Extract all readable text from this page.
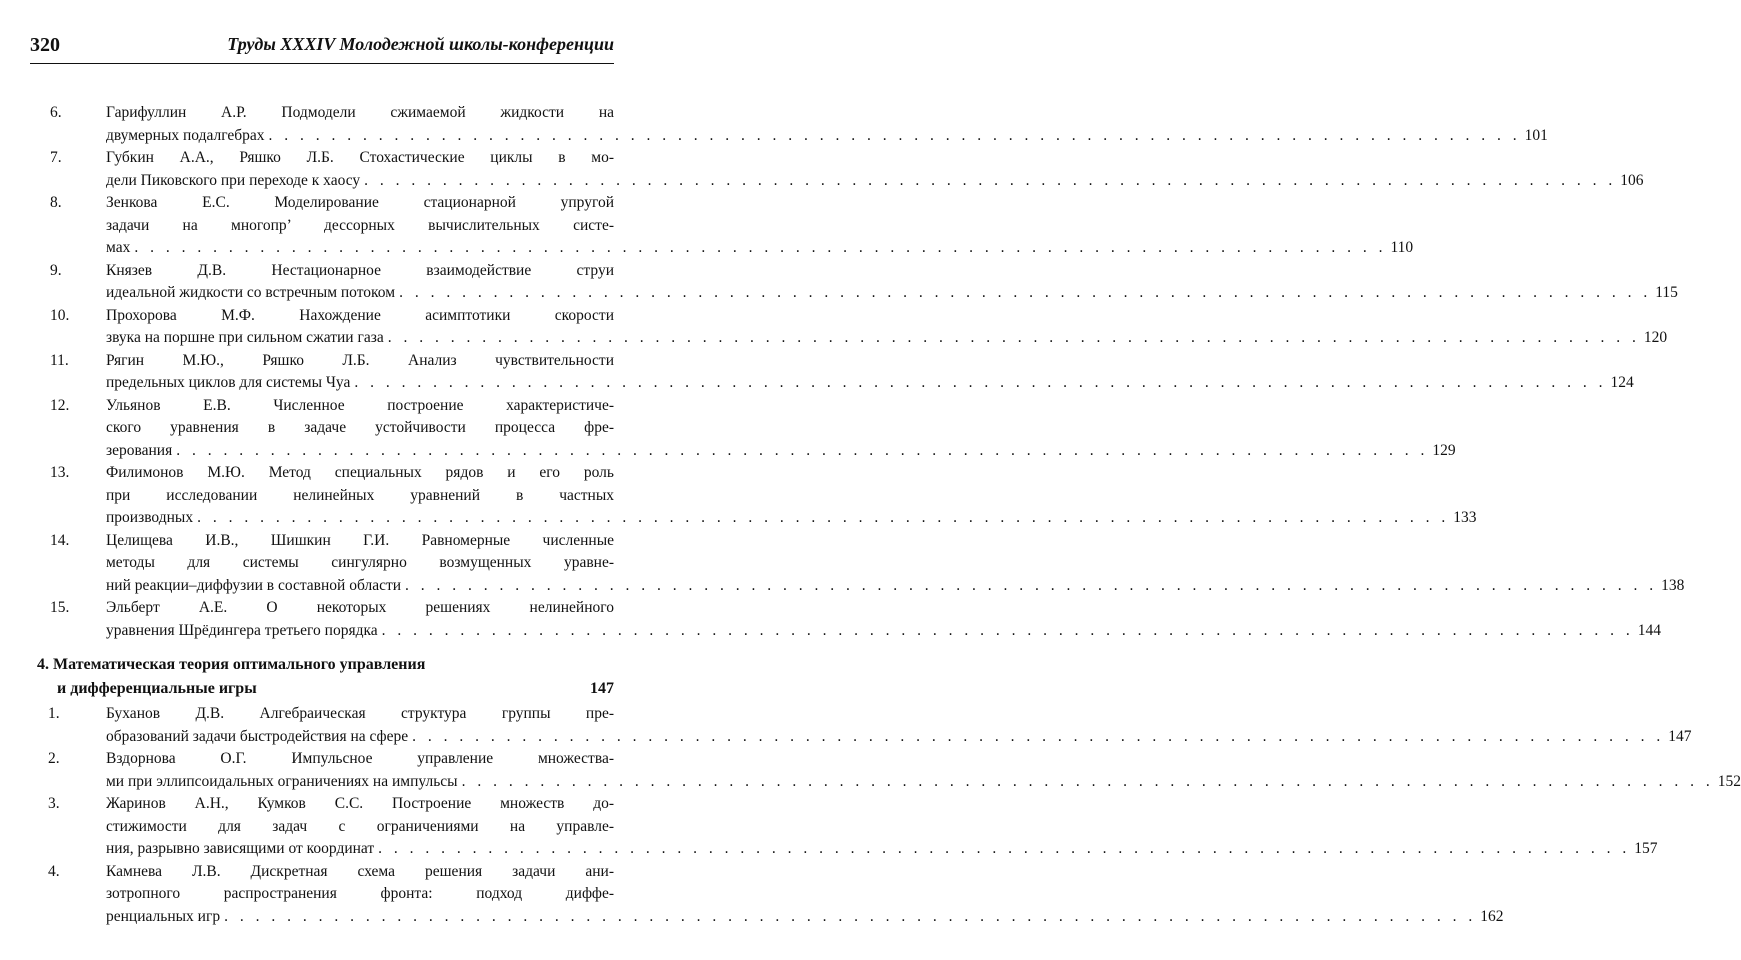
320	Труды XXXIV Молодежной школы-конференции
6.	Гарифуллин А.Р. Подмодели сжимаемой жидкости на
двумерных подалгебрах . . . . . . . . . . . . . . . . . . . . . . . . . . . . . . . . . . . . . . . . . . . . . . . . . . . . . . . . . . . . . . . . . . . . . . . . . . . . . . . . 101
7.	Губкин А.А., Ряшко Л.Б. Стохастические циклы в мо-
дели Пиковского при переходе к хаосу . . . . . . . . . . . . . . . . . . . . . . . . . . . . . . . . . . . . . . . . . . . . . . . . . . . . . . . . . . . . . . . . . . . . . . . . . . . . . . . . 106
8.	Зенкова Е.С. Моделирование стационарной упругой
задачи на многопр’ дессорных вычислительных систе-
мах . . . . . . . . . . . . . . . . . . . . . . . . . . . . . . . . . . . . . . . . . . . . . . . . . . . . . . . . . . . . . . . . . . . . . . . . . . . . . . . . 110
9.	Князев Д.В. Нестационарное взаимодействие струи
идеальной жидкости со встречным потоком . . . . . . . . . . . . . . . . . . . . . . . . . . . . . . . . . . . . . . . . . . . . . . . . . . . . . . . . . . . . . . . . . . . . . . . . . . . . . . . . 115
10. Прохорова М.Ф. Нахождение асимптотики скорости
звука на поршне при сильном сжатии газа . . . . . . . . . . . . . . . . . . . . . . . . . . . . . . . . . . . . . . . . . . . . . . . . . . . . . . . . . . . . . . . . . . . . . . . . . . . . . . . . 120
11. Рягин М.Ю., Ряшко Л.Б. Анализ чувствительности
предельных циклов для системы Чуа . . . . . . . . . . . . . . . . . . . . . . . . . . . . . . . . . . . . . . . . . . . . . . . . . . . . . . . . . . . . . . . . . . . . . . . . . . . . . . . . 124
12. Ульянов Е.В. Численное построение характеристиче-
ского уравнения в задаче устойчивости процесса фре-
зерования . . . . . . . . . . . . . . . . . . . . . . . . . . . . . . . . . . . . . . . . . . . . . . . . . . . . . . . . . . . . . . . . . . . . . . . . . . . . . . . . 129
13. Филимонов М.Ю. Метод специальных рядов и его роль
при исследовании нелинейных уравнений в частных
производных . . . . . . . . . . . . . . . . . . . . . . . . . . . . . . . . . . . . . . . . . . . . . . . . . . . . . . . . . . . . . . . . . . . . . . . . . . . . . . . . 133
14. Целищева И.В., Шишкин Г.И. Равномерные численные
методы для системы сингулярно возмущенных уравне-
ний реакции–диффузии в составной области . . . . . . . . . . . . . . . . . . . . . . . . . . . . . . . . . . . . . . . . . . . . . . . . . . . . . . . . . . . . . . . . . . . . . . . . . . . . . . . . 138
15. Эльберт А.Е. О некоторых решениях нелинейного
уравнения Шрёдингера третьего порядка . . . . . . . . . . . . . . . . . . . . . . . . . . . . . . . . . . . . . . . . . . . . . . . . . . . . . . . . . . . . . . . . . . . . . . . . . . . . . . . . 144
4. Математическая теория оптимального управления
и дифференциальные игры	147
1.	Буханов Д.В. Алгебраическая структура группы пре-
образований задачи быстродействия на сфере . . . . . . . . . . . . . . . . . . . . . . . . . . . . . . . . . . . . . . . . . . . . . . . . . . . . . . . . . . . . . . . . . . . . . . . . . . . . . . . . 147
2.	Вздорнова О.Г. Импульсное управление множества-
ми при эллипсоидальных ограничениях на импульсы . . . . . . . . . . . . . . . . . . . . . . . . . . . . . . . . . . . . . . . . . . . . . . . . . . . . . . . . . . . . . . . . . . . . . . . . . . . . . . . . 152
3.	Жаринов А.Н., Кумков С.С. Построение множеств до-
стижимости для задач с ограничениями на управле-
ния, разрывно зависящими от координат . . . . . . . . . . . . . . . . . . . . . . . . . . . . . . . . . . . . . . . . . . . . . . . . . . . . . . . . . . . . . . . . . . . . . . . . . . . . . . . . 157
4.	Камнева Л.В. Дискретная схема решения задачи ани-
зотропного распространения фронта: подход диффе-
ренциальных игр . . . . . . . . . . . . . . . . . . . . . . . . . . . . . . . . . . . . . . . . . . . . . . . . . . . . . . . . . . . . . . . . . . . . . . . . . . . . . . . . 162
